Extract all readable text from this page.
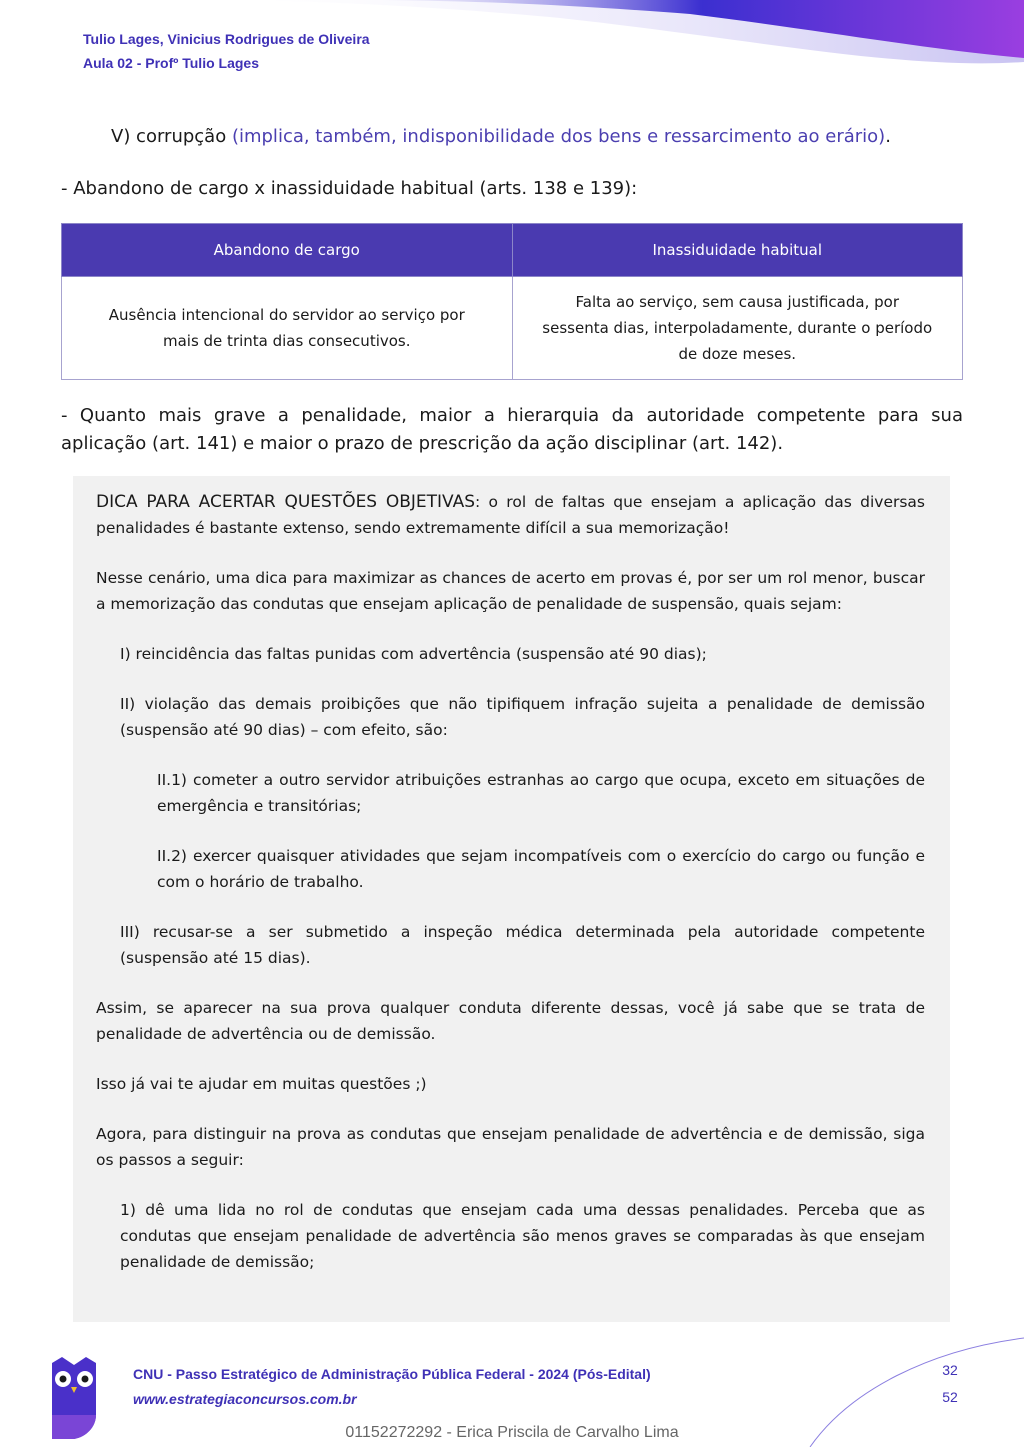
Tulio Lages, Vinicius Rodrigues de Oliveira
Aula 02 - Profº Tulio Lages
V) corrupção (implica, também, indisponibilidade dos bens e ressarcimento ao erário).
- Abandono de cargo x inassiduidade habitual (arts. 138 e 139):
Abandono de cargo	Inassiduidade habitual
Ausência intencional do servidor ao serviço por mais de trinta dias consecutivos.	Falta ao serviço, sem causa justificada, por sessenta dias, interpoladamente, durante o período de doze meses.
- Quanto mais grave a penalidade, maior a hierarquia da autoridade competente para sua aplicação (art. 141) e maior o prazo de prescrição da ação disciplinar (art. 142).

DICA PARA ACERTAR QUESTÕES OBJETIVAS: o rol de faltas que ensejam a aplicação das diversas penalidades é bastante extenso, sendo extremamente difícil a sua memorização!

Nesse cenário, uma dica para maximizar as chances de acerto em provas é, por ser um rol menor, buscar a memorização das condutas que ensejam aplicação de penalidade de suspensão, quais sejam:

I) reincidência das faltas punidas com advertência (suspensão até 90 dias);

II) violação das demais proibições que não tipifiquem infração sujeita a penalidade de demissão (suspensão até 90 dias) – com efeito, são:

II.1) cometer a outro servidor atribuições estranhas ao cargo que ocupa, exceto em situações de emergência e transitórias;

II.2) exercer quaisquer atividades que sejam incompatíveis com o exercício do cargo ou função e com o horário de trabalho.

III) recusar-se a ser submetido a inspeção médica determinada pela autoridade competente (suspensão até 15 dias).

Assim, se aparecer na sua prova qualquer conduta diferente dessas, você já sabe que se trata de penalidade de advertência ou de demissão.

Isso já vai te ajudar em muitas questões ;)

Agora, para distinguir na prova as condutas que ensejam penalidade de advertência e de demissão, siga os passos a seguir:

1) dê uma lida no rol de condutas que ensejam cada uma dessas penalidades. Perceba que as condutas que ensejam penalidade de advertência são menos graves se comparadas às que ensejam penalidade de demissão;

CNU - Passo Estratégico de Administração Pública Federal - 2024 (Pós-Edital)
www.estrategiaconcursos.com.br
32
52
01152272292 - Erica Priscila de Carvalho Lima
